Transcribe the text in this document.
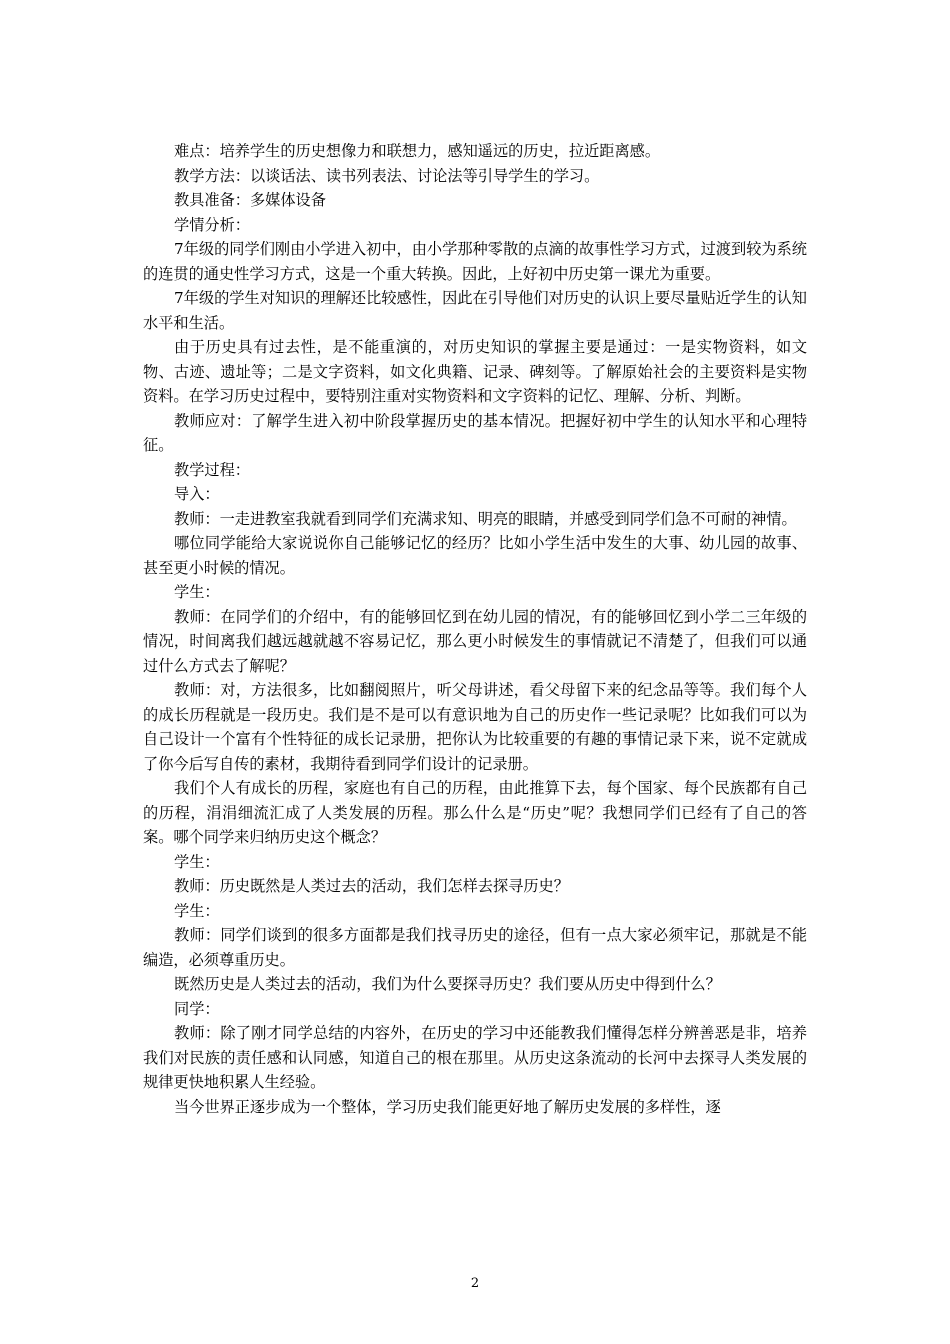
难点：培养学生的历史想像力和联想力，感知遥远的历史，拉近距离感。

教学方法：以谈话法、读书列表法、讨论法等引导学生的学习。

教具准备：多媒体设备

学情分析：

7年级的同学们刚由小学进入初中，由小学那种零散的点滴的故事性学习方式，过渡到较为系统的连贯的通史性学习方式，这是一个重大转换。因此，上好初中历史第一课尤为重要。

7年级的学生对知识的理解还比较感性，因此在引导他们对历史的认识上要尽量贴近学生的认知水平和生活。

由于历史具有过去性，是不能重演的，对历史知识的掌握主要是通过：一是实物资料，如文物、古迹、遗址等；二是文字资料，如文化典籍、记录、碑刻等。了解原始社会的主要资料是实物资料。在学习历史过程中，要特别注重对实物资料和文字资料的记忆、理解、分析、判断。

教师应对：了解学生进入初中阶段掌握历史的基本情况。把握好初中学生的认知水平和心理特征。

教学过程：

导入：

教师：一走进教室我就看到同学们充满求知、明亮的眼睛，并感受到同学们急不可耐的神情。

哪位同学能给大家说说你自己能够记忆的经历？比如小学生活中发生的大事、幼儿园的故事、甚至更小时候的情况。

学生：

教师：在同学们的介绍中，有的能够回忆到在幼儿园的情况，有的能够回忆到小学二三年级的情况，时间离我们越远越就越不容易记忆，那么更小时候发生的事情就记不清楚了，但我们可以通过什么方式去了解呢？

教师：对，方法很多，比如翻阅照片，听父母讲述，看父母留下来的纪念品等等。我们每个人的成长历程就是一段历史。我们是不是可以有意识地为自己的历史作一些记录呢？比如我们可以为自己设计一个富有个性特征的成长记录册，把你认为比较重要的有趣的事情记录下来，说不定就成了你今后写自传的素材，我期待看到同学们设计的记录册。

我们个人有成长的历程，家庭也有自己的历程，由此推算下去，每个国家、每个民族都有自己的历程，涓涓细流汇成了人类发展的历程。那么什么是“历史”呢？我想同学们已经有了自己的答案。哪个同学来归纳历史这个概念？

学生：

教师：历史既然是人类过去的活动，我们怎样去探寻历史？

学生：

教师：同学们谈到的很多方面都是我们找寻历史的途径，但有一点大家必须牢记，那就是不能编造，必须尊重历史。

既然历史是人类过去的活动，我们为什么要探寻历史？我们要从历史中得到什么？

同学：

教师：除了刚才同学总结的内容外，在历史的学习中还能教我们懂得怎样分辨善恶是非，培养我们对民族的责任感和认同感，知道自己的根在那里。从历史这条流动的长河中去探寻人类发展的规律更快地积累人生经验。

当今世界正逐步成为一个整体，学习历史我们能更好地了解历史发展的多样性，逐

2
